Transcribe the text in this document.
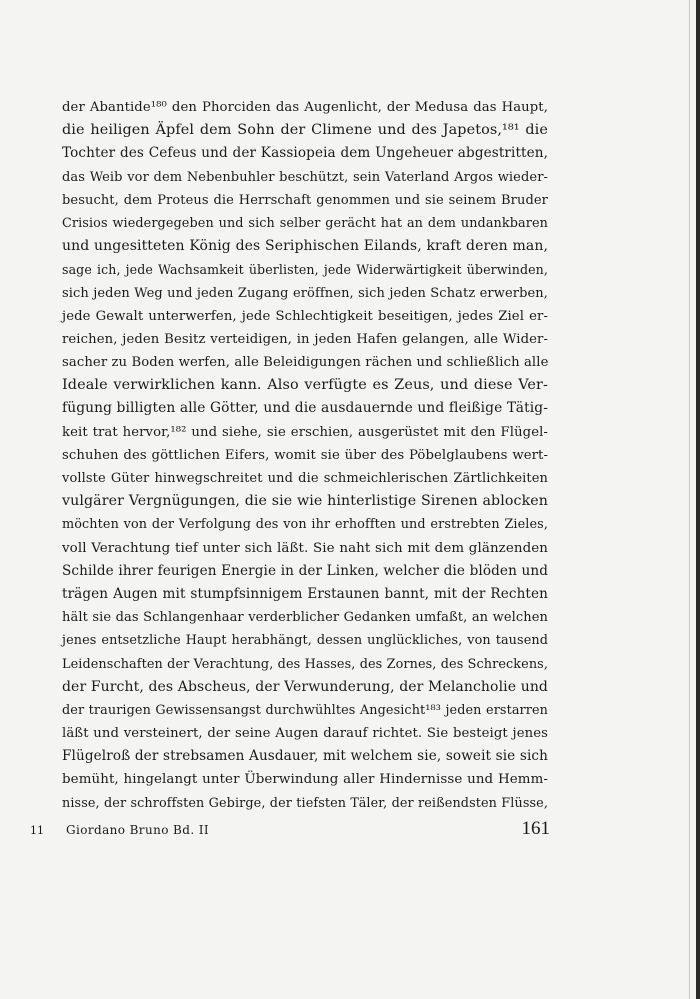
der Abantide¹⁸⁰ den Phorciden das Augenlicht, der Medusa das Haupt,
die heiligen Äpfel dem Sohn der Climene und des Japetos,¹⁸¹ die
Tochter des Cefeus und der Kassiopeia dem Ungeheuer abgestritten,
das Weib vor dem Nebenbuhler beschützt, sein Vaterland Argos wieder-
besucht, dem Proteus die Herrschaft genommen und sie seinem Bruder
Crisios wiedergegeben und sich selber gerächt hat an dem undankbaren
und ungesitteten König des Seriphischen Eilands, kraft deren man,
sage ich, jede Wachsamkeit überlisten, jede Widerwärtigkeit überwinden,
sich jeden Weg und jeden Zugang eröffnen, sich jeden Schatz erwerben,
jede Gewalt unterwerfen, jede Schlechtigkeit beseitigen, jedes Ziel er-
reichen, jeden Besitz verteidigen, in jeden Hafen gelangen, alle Wider-
sacher zu Boden werfen, alle Beleidigungen rächen und schließlich alle
Ideale verwirklichen kann. Also verfügte es Zeus, und diese Ver-
fügung billigten alle Götter, und die ausdauernde und fleißige Tätig-
keit trat hervor,¹⁸² und siehe, sie erschien, ausgerüstet mit den Flügel-
schuhen des göttlichen Eifers, womit sie über des Pöbelglaubens wert-
vollste Güter hinwegschreitet und die schmeichlerischen Zärtlichkeiten
vulgärer Vergnügungen, die sie wie hinterlistige Sirenen ablocken
möchten von der Verfolgung des von ihr erhofften und erstrebten Zieles,
voll Verachtung tief unter sich läßt. Sie naht sich mit dem glänzenden
Schilde ihrer feurigen Energie in der Linken, welcher die blöden und
trägen Augen mit stumpfsinnigem Erstaunen bannt, mit der Rechten
hält sie das Schlangenhaar verderblicher Gedanken umfaßt, an welchen
jenes entsetzliche Haupt herabhängt, dessen unglückliches, von tausend
Leidenschaften der Verachtung, des Hasses, des Zornes, des Schreckens,
der Furcht, des Abscheus, der Verwunderung, der Melancholie und
der traurigen Gewissensangst durchwühltes Angesicht¹⁸³ jeden erstarren
läßt und versteinert, der seine Augen darauf richtet. Sie besteigt jenes
Flügelroß der strebsamen Ausdauer, mit welchem sie, soweit sie sich
bemüht, hingelangt unter Überwindung aller Hindernisse und Hemm-
nisse, der schroffsten Gebirge, der tiefsten Täler, der reißendsten Flüsse,
11 Giordano Bruno Bd. II	161
